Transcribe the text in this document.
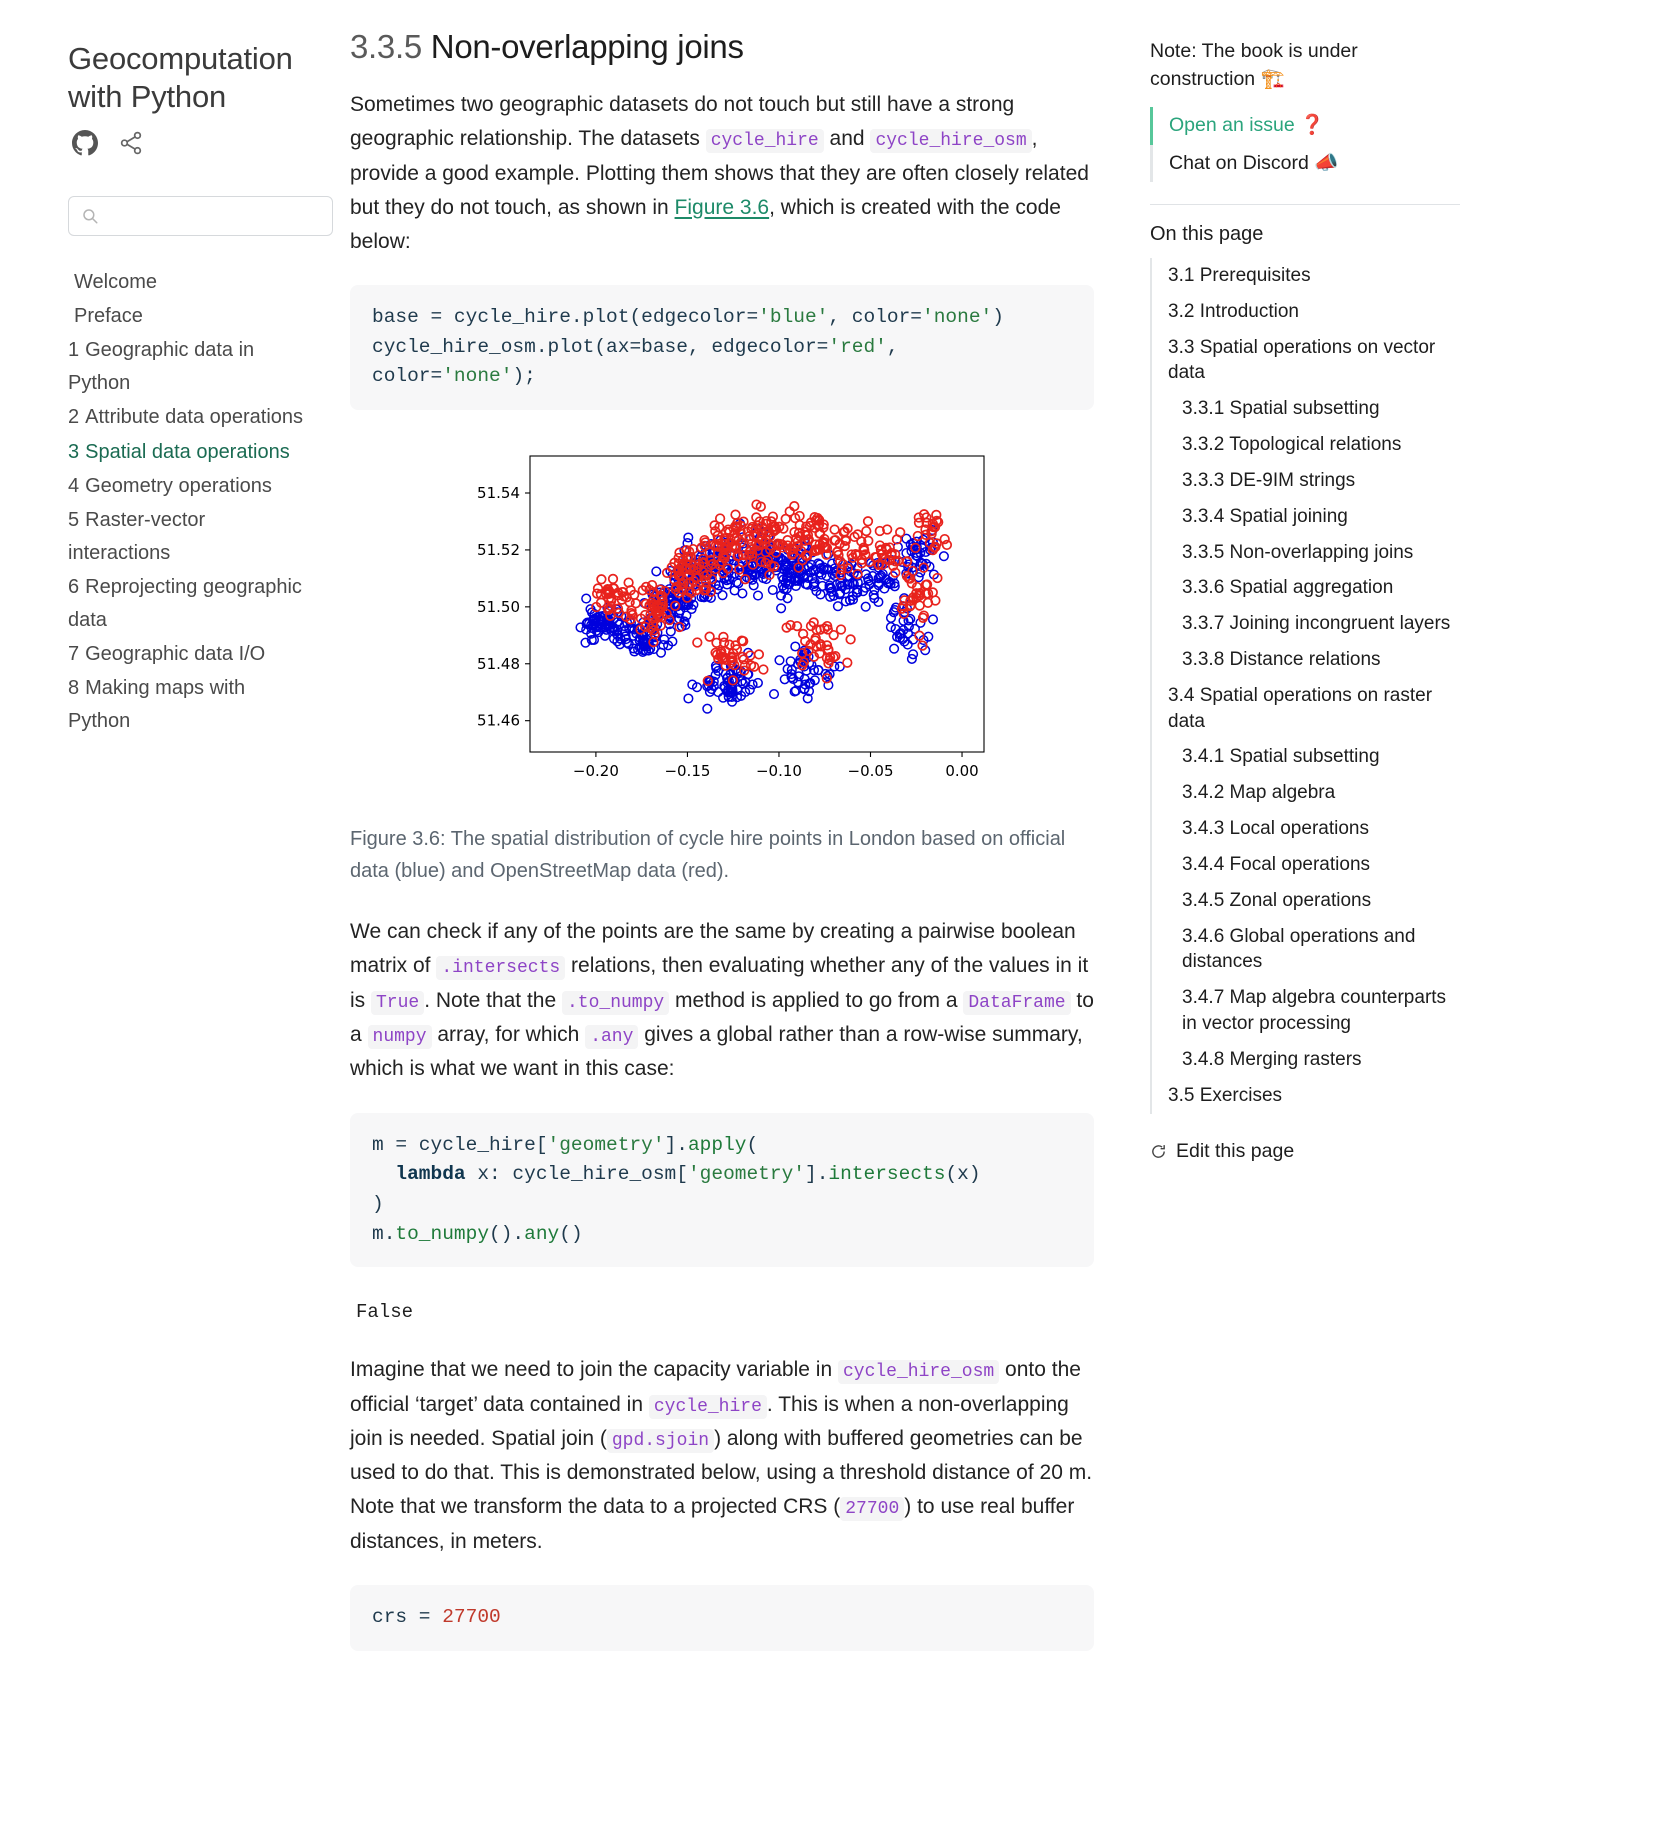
Geocomputation with Python
Welcome
Preface
1 Geographic data in Python
2 Attribute data operations
3 Spatial data operations
4 Geometry operations
5 Raster-vector interactions
6 Reprojecting geographic data
7 Geographic data I/O
8 Making maps with Python
3.3.5 Non-overlapping joins

Sometimes two geographic datasets do not touch but still have a strong geographic relationship. The datasets cycle_hire and cycle_hire_osm , provide a good example. Plotting them shows that they are often closely related but they do not touch, as shown in Figure 3.6, which is created with the code below:

base = cycle_hire.plot(edgecolor='blue', color='none')
cycle_hire_osm.plot(ax=base, edgecolor='red',
color='none');
51.54
51.52
51.50
51.48
51.46
−0.20	−0.15	−0.10	−0.05	0.00
Figure 3.6: The spatial distribution of cycle hire points in London based on official data (blue) and OpenStreetMap data (red).

We can check if any of the points are the same by creating a pairwise boolean matrix of .intersects relations, then evaluating whether any of the values in it is True . Note that the .to_numpy method is applied to go from a DataFrame to a numpy array, for which .any gives a global rather than a row-wise summary, which is what we want in this case:

m = cycle_hire['geometry'].apply(
lambda x: cycle_hire_osm['geometry'].intersects(x)
)
m.to_numpy().any()
False

Imagine that we need to join the capacity variable in cycle_hire_osm onto the official ‘target’ data contained in cycle_hire . This is when a non-overlapping join is needed. Spatial join ( gpd.sjoin ) along with buffered geometries can be used to do that. This is demonstrated below, using a threshold distance of 20 m. Note that we transform the data to a projected CRS ( 27700 ) to use real buffer distances, in meters.

crs = 27700
Note: The book is under construction 🏗️
Open an issue ❓
Chat on Discord 📣
On this page
3.1 Prerequisites
3.2 Introduction
3.3 Spatial operations on vector data
3.3.1 Spatial subsetting
3.3.2 Topological relations
3.3.3 DE-9IM strings
3.3.4 Spatial joining
3.3.5 Non-overlapping joins
3.3.6 Spatial aggregation
3.3.7 Joining incongruent layers
3.3.8 Distance relations
3.4 Spatial operations on raster data
3.4.1 Spatial subsetting
3.4.2 Map algebra
3.4.3 Local operations
3.4.4 Focal operations
3.4.5 Zonal operations
3.4.6 Global operations and distances
3.4.7 Map algebra counterparts in vector processing
3.4.8 Merging rasters
3.5 Exercises
Edit this page
